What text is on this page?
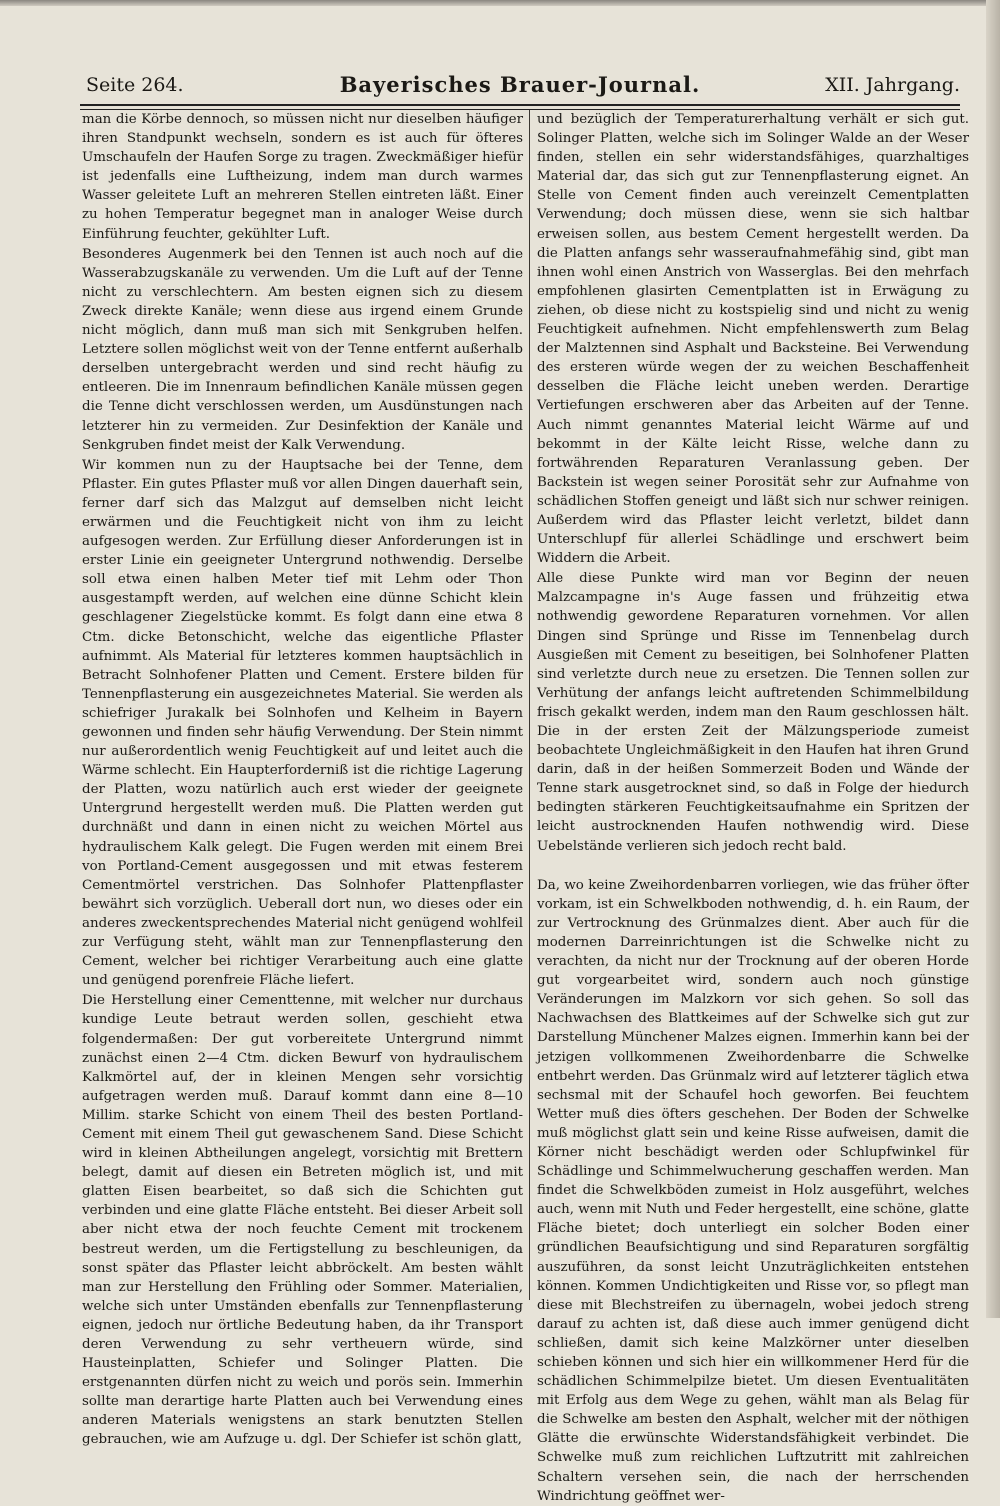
Seite 264.	Bayerisches Brauer-Journal.	XII. Jahrgang.

man die Körbe dennoch, so müssen nicht nur dieselben häufiger ihren Standpunkt wechseln, sondern es ist auch für öfteres Umschaufeln der Haufen Sorge zu tragen. Zweckmäßiger hiefür ist jedenfalls eine Luftheizung, indem man durch warmes Wasser geleitete Luft an mehreren Stellen eintreten läßt. Einer zu hohen Temperatur begegnet man in analoger Weise durch Einführung feuchter, gekühlter Luft.

Besonderes Augenmerk bei den Tennen ist auch noch auf die Wasserabzugskanäle zu verwenden. Um die Luft auf der Tenne nicht zu verschlechtern. Am besten eignen sich zu diesem Zweck direkte Kanäle; wenn diese aus irgend einem Grunde nicht möglich, dann muß man sich mit Senkgruben helfen. Letztere sollen möglichst weit von der Tenne entfernt außerhalb derselben untergebracht werden und sind recht häufig zu entleeren. Die im Innenraum befindlichen Kanäle müssen gegen die Tenne dicht verschlossen werden, um Ausdünstungen nach letzterer hin zu vermeiden. Zur Desinfektion der Kanäle und Senkgruben findet meist der Kalk Verwendung.

Wir kommen nun zu der Hauptsache bei der Tenne, dem Pflaster. Ein gutes Pflaster muß vor allen Dingen dauerhaft sein, ferner darf sich das Malzgut auf demselben nicht leicht erwärmen und die Feuchtigkeit nicht von ihm zu leicht aufgesogen werden. Zur Erfüllung dieser Anforderungen ist in erster Linie ein geeigneter Untergrund nothwendig. Derselbe soll etwa einen halben Meter tief mit Lehm oder Thon ausgestampft werden, auf welchen eine dünne Schicht klein geschlagener Ziegelstücke kommt. Es folgt dann eine etwa 8 Ctm. dicke Betonschicht, welche das eigentliche Pflaster aufnimmt. Als Material für letzteres kommen hauptsächlich in Betracht Solnhofener Platten und Cement. Erstere bilden für Tennenpflasterung ein ausgezeichnetes Material. Sie werden als schiefriger Jurakalk bei Solnhofen und Kelheim in Bayern gewonnen und finden sehr häufig Verwendung. Der Stein nimmt nur außerordentlich wenig Feuchtigkeit auf und leitet auch die Wärme schlecht. Ein Haupterforderniß ist die richtige Lagerung der Platten, wozu natürlich auch erst wieder der geeignete Untergrund hergestellt werden muß. Die Platten werden gut durchnäßt und dann in einen nicht zu weichen Mörtel aus hydraulischem Kalk gelegt. Die Fugen werden mit einem Brei von Portland-Cement ausgegossen und mit etwas festerem Cementmörtel verstrichen. Das Solnhofer Plattenpflaster bewährt sich vorzüglich. Ueberall dort nun, wo dieses oder ein anderes zweckentsprechendes Material nicht genügend wohlfeil zur Verfügung steht, wählt man zur Tennenpflasterung den Cement, welcher bei richtiger Verarbeitung auch eine glatte und genügend porenfreie Fläche liefert.

Die Herstellung einer Cementtenne, mit welcher nur durchaus kundige Leute betraut werden sollen, geschieht etwa folgendermaßen: Der gut vorbereitete Untergrund nimmt zunächst einen 2—4 Ctm. dicken Bewurf von hydraulischem Kalkmörtel auf, der in kleinen Mengen sehr vorsichtig aufgetragen werden muß. Darauf kommt dann eine 8—10 Millim. starke Schicht von einem Theil des besten Portland-Cement mit einem Theil gut gewaschenem Sand. Diese Schicht wird in kleinen Abtheilungen angelegt, vorsichtig mit Brettern belegt, damit auf diesen ein Betreten möglich ist, und mit glatten Eisen bearbeitet, so daß sich die Schichten gut verbinden und eine glatte Fläche entsteht. Bei dieser Arbeit soll aber nicht etwa der noch feuchte Cement mit trockenem bestreut werden, um die Fertigstellung zu beschleunigen, da sonst später das Pflaster leicht abbröckelt. Am besten wählt man zur Herstellung den Frühling oder Sommer. Materialien, welche sich unter Umständen ebenfalls zur Tennenpflasterung eignen, jedoch nur örtliche Bedeutung haben, da ihr Transport deren Verwendung zu sehr vertheuern würde, sind Hausteinplatten, Schiefer und Solinger Platten. Die erstgenannten dürfen nicht zu weich und porös sein. Immerhin sollte man derartige harte Platten auch bei Verwendung eines anderen Materials wenigstens an stark benutzten Stellen gebrauchen, wie am Aufzuge u. dgl. Der Schiefer ist schön glatt,

und bezüglich der Temperaturerhaltung verhält er sich gut. Solinger Platten, welche sich im Solinger Walde an der Weser finden, stellen ein sehr widerstandsfähiges, quarzhaltiges Material dar, das sich gut zur Tennenpflasterung eignet. An Stelle von Cement finden auch vereinzelt Cementplatten Verwendung; doch müssen diese, wenn sie sich haltbar erweisen sollen, aus bestem Cement hergestellt werden. Da die Platten anfangs sehr wasseraufnahmefähig sind, gibt man ihnen wohl einen Anstrich von Wasserglas. Bei den mehrfach empfohlenen glasirten Cementplatten ist in Erwägung zu ziehen, ob diese nicht zu kostspielig sind und nicht zu wenig Feuchtigkeit aufnehmen. Nicht empfehlenswerth zum Belag der Malztennen sind Asphalt und Backsteine. Bei Verwendung des ersteren würde wegen der zu weichen Beschaffenheit desselben die Fläche leicht uneben werden. Derartige Vertiefungen erschweren aber das Arbeiten auf der Tenne. Auch nimmt genanntes Material leicht Wärme auf und bekommt in der Kälte leicht Risse, welche dann zu fortwährenden Reparaturen Veranlassung geben. Der Backstein ist wegen seiner Porosität sehr zur Aufnahme von schädlichen Stoffen geneigt und läßt sich nur schwer reinigen. Außerdem wird das Pflaster leicht verletzt, bildet dann Unterschlupf für allerlei Schädlinge und erschwert beim Widdern die Arbeit.

Alle diese Punkte wird man vor Beginn der neuen Malzcampagne in's Auge fassen und frühzeitig etwa nothwendig gewordene Reparaturen vornehmen. Vor allen Dingen sind Sprünge und Risse im Tennenbelag durch Ausgießen mit Cement zu beseitigen, bei Solnhofener Platten sind verletzte durch neue zu ersetzen. Die Tennen sollen zur Verhütung der anfangs leicht auftretenden Schimmelbildung frisch gekalkt werden, indem man den Raum geschlossen hält. Die in der ersten Zeit der Mälzungsperiode zumeist beobachtete Ungleichmäßigkeit in den Haufen hat ihren Grund darin, daß in der heißen Sommerzeit Boden und Wände der Tenne stark ausgetrocknet sind, so daß in Folge der hiedurch bedingten stärkeren Feuchtigkeitsaufnahme ein Spritzen der leicht austrocknenden Haufen nothwendig wird. Diese Uebelstände verlieren sich jedoch recht bald.

Da, wo keine Zweihordenbarren vorliegen, wie das früher öfter vorkam, ist ein Schwelkboden nothwendig, d. h. ein Raum, der zur Vertrocknung des Grünmalzes dient. Aber auch für die modernen Darreinrichtungen ist die Schwelke nicht zu verachten, da nicht nur der Trocknung auf der oberen Horde gut vorgearbeitet wird, sondern auch noch günstige Veränderungen im Malzkorn vor sich gehen. So soll das Nachwachsen des Blattkeimes auf der Schwelke sich gut zur Darstellung Münchener Malzes eignen. Immerhin kann bei der jetzigen vollkommenen Zweihordenbarre die Schwelke entbehrt werden. Das Grünmalz wird auf letzterer täglich etwa sechsmal mit der Schaufel hoch geworfen. Bei feuchtem Wetter muß dies öfters geschehen. Der Boden der Schwelke muß möglichst glatt sein und keine Risse aufweisen, damit die Körner nicht beschädigt werden oder Schlupfwinkel für Schädlinge und Schimmelwucherung geschaffen werden. Man findet die Schwelkböden zumeist in Holz ausgeführt, welches auch, wenn mit Nuth und Feder hergestellt, eine schöne, glatte Fläche bietet; doch unterliegt ein solcher Boden einer gründlichen Beaufsichtigung und sind Reparaturen sorgfältig auszuführen, da sonst leicht Unzuträglichkeiten entstehen können. Kommen Undichtigkeiten und Risse vor, so pflegt man diese mit Blechstreifen zu übernageln, wobei jedoch streng darauf zu achten ist, daß diese auch immer genügend dicht schließen, damit sich keine Malzkörner unter dieselben schieben können und sich hier ein willkommener Herd für die schädlichen Schimmelpilze bietet. Um diesen Eventualitäten mit Erfolg aus dem Wege zu gehen, wählt man als Belag für die Schwelke am besten den Asphalt, welcher mit der nöthigen Glätte die erwünschte Widerstandsfähigkeit verbindet. Die Schwelke muß zum reichlichen Luftzutritt mit zahlreichen Schaltern versehen sein, die nach der herrschenden Windrichtung geöffnet wer-
